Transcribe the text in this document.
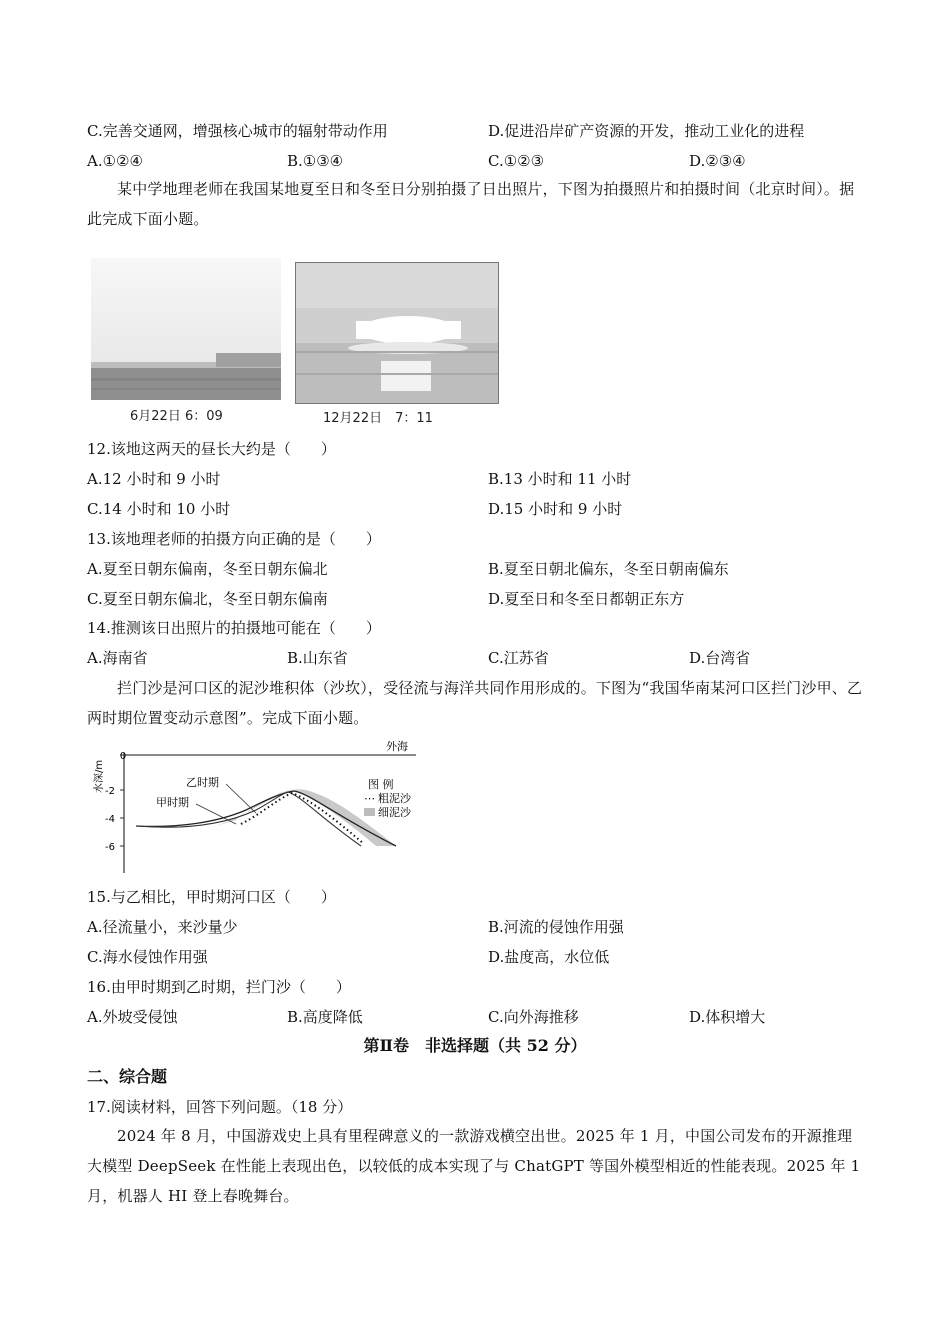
C.完善交通网，增强核心城市的辐射带动作用	D.促进沿岸矿产资源的开发，推动工业化的进程
A.①②④	B.①③④	C.①②③	D.②③④
某中学地理老师在我国某地夏至日和冬至日分别拍摄了日出照片，下图为拍摄照片和拍摄时间（北京时间）。据此完成下面小题。
6月22日 6：09	12月22日　7：11
12.该地这两天的昼长大约是（　　）
A.12 小时和 9 小时	B.13 小时和 11 小时
C.14 小时和 10 小时	D.15 小时和 9 小时
13.该地理老师的拍摄方向正确的是（　　）
A.夏至日朝东偏南，冬至日朝东偏北	B.夏至日朝北偏东，冬至日朝南偏东
C.夏至日朝东偏北，冬至日朝东偏南	D.夏至日和冬至日都朝正东方
14.推测该日出照片的拍摄地可能在（　　）
A.海南省	B.山东省	C.江苏省	D.台湾省
拦门沙是河口区的泥沙堆积体（沙坎），受径流与海洋共同作用形成的。下图为“我国华南某河口区拦门沙甲、乙两时期位置变动示意图”。完成下面小题。
0
-2
-4
-6
水深/m
外海
乙时期
甲时期
图 例
⋯ 粗泥沙
细泥沙
15.与乙相比，甲时期河口区（　　）
A.径流量小，来沙量少	B.河流的侵蚀作用强
C.海水侵蚀作用强	D.盐度高，水位低
16.由甲时期到乙时期，拦门沙（　　）
A.外坡受侵蚀	B.高度降低	C.向外海推移	D.体积增大
第Ⅱ卷　非选择题（共 52 分）
二、综合题
17.阅读材料，回答下列问题。（18 分）
2024 年 8 月，中国游戏史上具有里程碑意义的一款游戏横空出世。2025 年 1 月，中国公司发布的开源推理大模型 DeepSeek 在性能上表现出色，以较低的成本实现了与 ChatGPT 等国外模型相近的性能表现。2025 年 1 月，机器人 HI 登上春晚舞台。
